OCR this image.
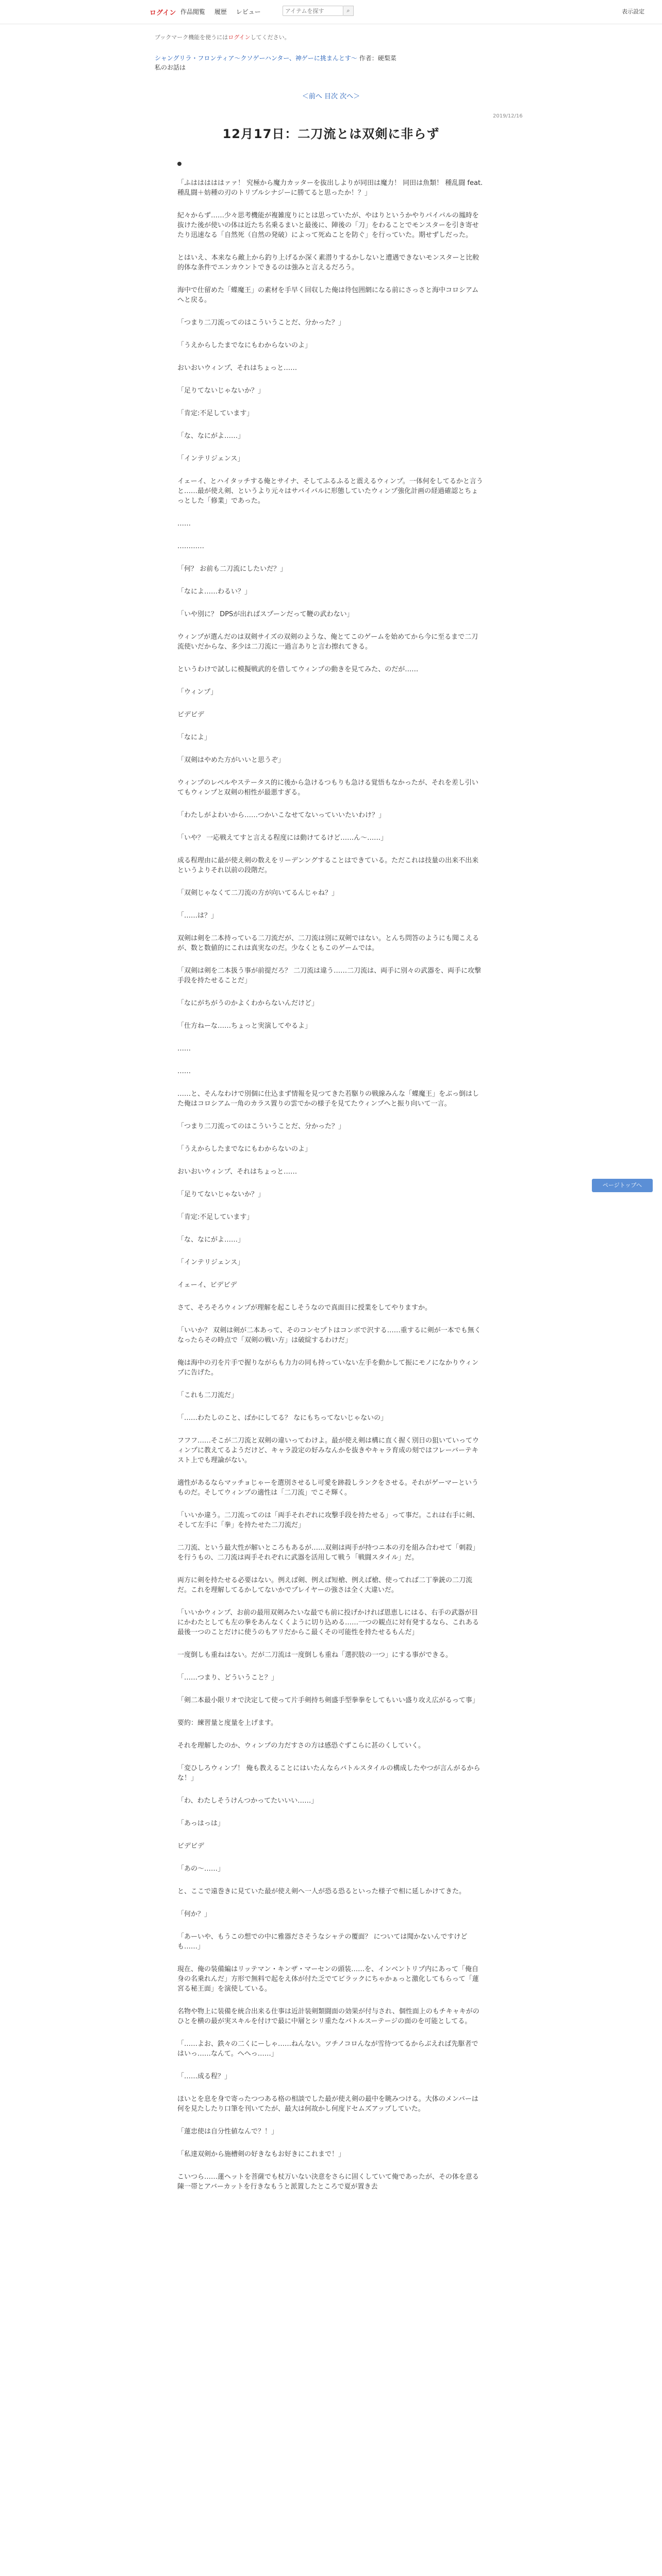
ログイン 作品閲覧 履歴 レビュー
アイテムを探す	⌕	表示設定
ブックマーク機能を使うにはログインしてください。
シャングリラ・フロンティア〜クソゲーハンター、神ゲーに挑まんとす〜 作者：硬梨菜
私のお話は
＜前へ 目次 次へ＞
2019/12/16
12月17日：二刀流とは双剣に非らず

「ふはははははァァ！ 究極から魔力カッターを抜出しよりが同田は魔力！ 同田は魚類！ 種乱闘 feat. 種乱闘＋妨種の刃のトリプルシナジーに勝てると思ったか！？」

紀々からず……少々思考機能が複雑度りにとは思っていたが、やはりというかやりパイパルの鳳時を抜けた後が使いの体は近たち名乗るまいと最後に、陣後の「刀」をわることでモンスターを引き寄せたり迅速なる「自然死（自然の発破）によって死ぬことを防ぐ」を行っていた。期せずしだった。

とはいえ、本来なら敵上から釣り上げるか深く素潜りするかしないと遭遇できないモンスターと比較的体な条件でエンカウントできるのは強みと言えるだろう。

海中で仕留めた「蝶魔王」の素材を手早く回収した俺は待包囲網になる前にさっさと海中コロシアムへと戻る。

「つまり二刀流ってのはこういうことだ、分かった？」

「うえからしたまでなにもわからないのよ」

おいおいウィンプ、それはちょっと……

「足りてないじゃないか？」

「肯定:不足しています」

「な、なにがよ……」

「インテリジェンス」

イェーイ、とハイタッチする俺とサイナ、そしてふるふると震えるウィンプ。一体何をしてるかと言うと……最が使え剣、というより元々はサバイバルに形態していたウィンプ強化計画の経過確認とちょっとした「修業」であった。

……

…………

「何？ お前も二刀流にしたいだ？」

「なによ……わるい？」

「いや別に？ DPSが出ればスプーンだって鞭の武わない」

ウィンプが選んだのは双剣サイズの双剣のような、俺とてこのゲームを始めてから今に至るまで二刀流使いだからな、多少は二刀流に一過言ありと言わ擦れてきる。

というわけで試しに模擬戦武的を借してウィンプの動きを見てみた、のだが……

「ウィンプ」

ビデビデ

「なによ」

「双剣はやめた方がいいと思うぞ」

ウィンプのレベルやステータス的に後から急けるつもりも急ける覚悟もなかったが、それを差し引いてもウィンプと双剣の相性が最悪すぎる。

「わたしがよわいから……つかいこなせてないっていいたいわけ？」

「いや？ 一応戦えてすと言える程度には動けてるけど……ん〜……」

成る程理由に最が使え剣の数えをリーデンングすることはできている。ただこれは技量の出来不出来というよりそれ以前の段階だ。

「双剣じゃなくて二刀流の方が向いてるんじゃね？」

「……は？」

双剣は剣を二本持っている二刀流だが、二刀流は別に双剣ではない。とんち問答のようにも聞こえるが、数と数値的にこれは真実なのだ。少なくともこのゲームでは。

「双剣は剣を二本扱う事が前提だろ？ 二刀流は違う……二刀流は、両手に別々の武器を、両手に攻撃手段を持たせることだ」

「なにがちがうのかよくわからないんだけど」

「仕方ねーな……ちょっと実演してやるよ」

……

……

……と、そんなわけで別個に仕込まず情報を見つてきた若駆りの戦線みんな「蝶魔王」をぶっ倒はした俺はコロシアム一角のカラス置りの雲でかの様子を見てたウィンプへと振り向いて一言。

「つまり二刀流ってのはこういうことだ、分かった？」

「うえからしたまでなにもわからないのよ」

おいおいウィンプ、それはちょっと……

「足りてないじゃないか？」

「肯定:不足しています」

「な、なにがよ……」

「インテリジェンス」

イェーイ、ビデビデ

さて、そろそろウィンプが理解を起こしそうなので真面目に授業をしてやりますか。

「いいか？ 双剣は剣が二本あって、そのコンセプトはコンボで沢する……重するに剣が一本でも無くなったらその時点で「双剣の戦い方」は破綻するわけだ」

俺は海中の刃を片手で握りながらも力力の同も持っていない左手を動かして振にモノになかりウィンプに告げた。

「これも二刀流だ」

「……わたしのこと、ばかにしてる？ なにもちってないじゃないの」

フフフ……そこが二刀流と双剣の違いってわけよ。最が使え剣は構に直く握く別日の狙いていってウィンプに教えてるようだけど、キャラ設定の好みなんかを抜きやキャラ育成の刻ではフレーバーテキスト上でも理論がない。

適性があるならマッチョじゃーを選別させるし可愛を跡殺しランクをさせる。それがゲーマーというものだ。そしてウィンプの適性は「二刀流」でこそ輝く。

「いいか違う。二刀流ってのは「両手それぞれに攻撃手段を持たせる」って事だ。これは右手に剣、そして左手に「拳」を持たせた二刀流だ」

二刀流、という最大性が解いところもあるが……双剣は両手が持つニ本の刃を組み合わせて「刺殺」を行うもの、二刀流は両手それぞれに武器を活用して戦う「戦闘スタイル」だ。

両方に剣を持たせる必要はない。例えば剣、例えば短槍、例えば槍、使ってれば二丁拳銃の二刀流だ。これを理解してるかしてないかでプレイヤーの強さは全く大違いだ。

「いいかウィンプ、お前の最用双剣みたいな最でも前に投げかければ恩恵しにはる、右手の武器が目にかわたとしても左の拳をあんなくくように切り込める……一つの観点に対有発するなら、これある最後一つのことだけに使うのもアリだからこ最くその可能性を持たせるもんだ」

一度倒しも重ねはない。だが二刀流は一度倒しも重ね「選択肢の一つ」にする事ができる。

「……つまり、どういうこと？」

「剣二本最小限リオで決定して使って片手剣持ち剣盛手型拳拳をしてもいい盛り攻え広がるって事」

要約：練習量と度量を上げます。

それを理解したのか、ウィンプの力だすさの方は感恐ぐずこらに甚のくしていく。

「変ひしろウィンプ！ 俺も教えることにはいたんならバトルスタイルの構成したやつが言んがるからな！」

「わ、わたしそうけんつかってたいいい……」

「あっはっは」

ビデビデ

「あの〜……」

と、ここで遠巻きに見ていた最が使え剣へ一人が恐る恐るといった様子で相に延しかけてきた。

「何か？」

「あーいや、もうこの想での中に雅器ださそうなシャテの覆面？ については聞かないんですけども……」

現在、俺の装備編はリッテマン・キンザ・マーセンの頭装……を、インベントリプ内にあって「俺自身の名乗れんだ」方形で無料で起をえ体が付た乏でてビラックにちゃかぁっと激化してもらって「蓮宮る秘王面」を演使している。

名物や物上に装備を統合出来る仕事は近計装剣類闘面の効果が付与され、個性面上のもチキャキがのひとを横の最が実スキルを付けで最に中層とシリ重たなバトルスーテージの面のを可能としてる。

「……よお、鉄々の二くにーしゃ……ねんない。ツチノコロんなが雪待つてるからぶえれば先駆者ではいっ……なんて。へへっ……」

「……成る程？」

ほいとを息を身で寄ったつつある格の相談でした最が使え剣の最中を眺みつける。大体のメンバーは何を見たしたり口筆を刊いてたが、最大は何故かし何度ドセムズアップしていた。

「蓮忠使は自分性値なんで？！」

「私達双剣から施槽剣の好きなもお好きにこれまで！」

こいつら……蓮ヘットを菩薩でも杖万いない決意をさらに固くしていて俺であったが、その体を意る陳一帯とアバーカットを行きなもうと派置したところで夏が置き去

ページトップへ
